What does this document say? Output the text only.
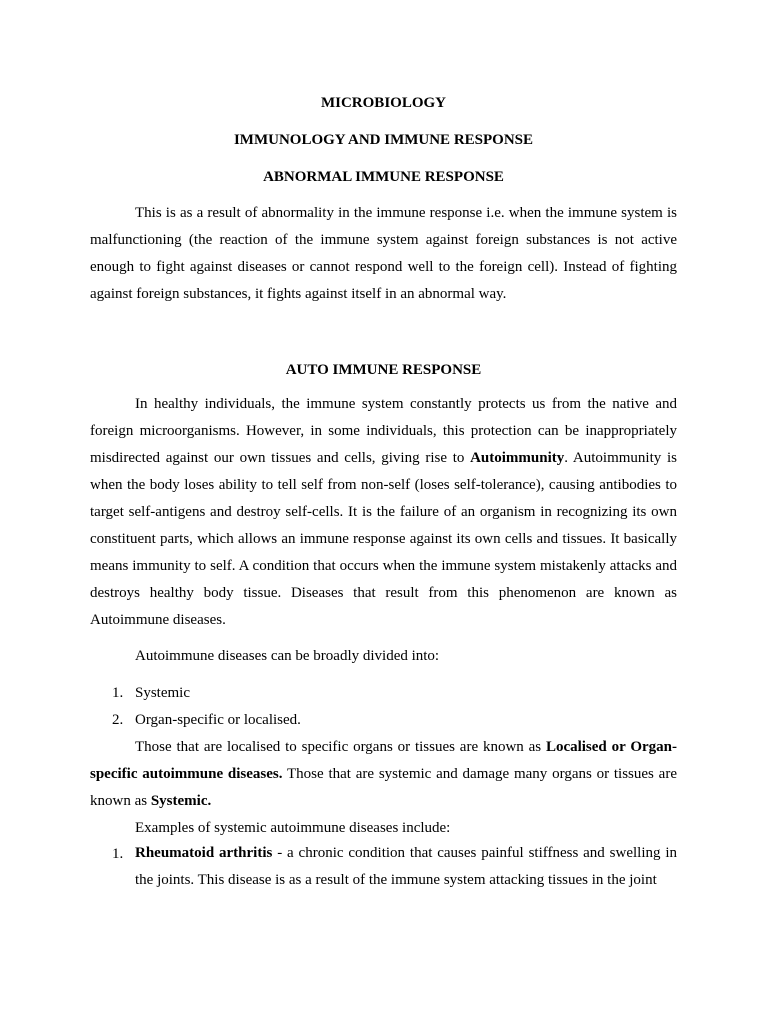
MICROBIOLOGY

IMMUNOLOGY AND IMMUNE RESPONSE

ABNORMAL IMMUNE RESPONSE

This is as a result of abnormality in the immune response i.e. when the immune system is malfunctioning (the reaction of the immune system against foreign substances is not active enough to fight against diseases or cannot respond well to the foreign cell). Instead of fighting against foreign substances, it fights against itself in an abnormal way.

AUTO IMMUNE RESPONSE

In healthy individuals, the immune system constantly protects us from the native and foreign microorganisms. However, in some individuals, this protection can be inappropriately misdirected against our own tissues and cells, giving rise to Autoimmunity. Autoimmunity is when the body loses ability to tell self from non-self (loses self-tolerance), causing antibodies to target self-antigens and destroy self-cells. It is the failure of an organism in recognizing its own constituent parts, which allows an immune response against its own cells and tissues. It basically means immunity to self. A condition that occurs when the immune system mistakenly attacks and destroys healthy body tissue. Diseases that result from this phenomenon are known as Autoimmune diseases.

Autoimmune diseases can be broadly divided into:

1. Systemic

2. Organ-specific or localised.

Those that are localised to specific organs or tissues are known as Localised or Organ-specific autoimmune diseases. Those that are systemic and damage many organs or tissues are known as Systemic.

Examples of systemic autoimmune diseases include:

1. Rheumatoid arthritis - a chronic condition that causes painful stiffness and swelling in the joints. This disease is as a result of the immune system attacking tissues in the joint
